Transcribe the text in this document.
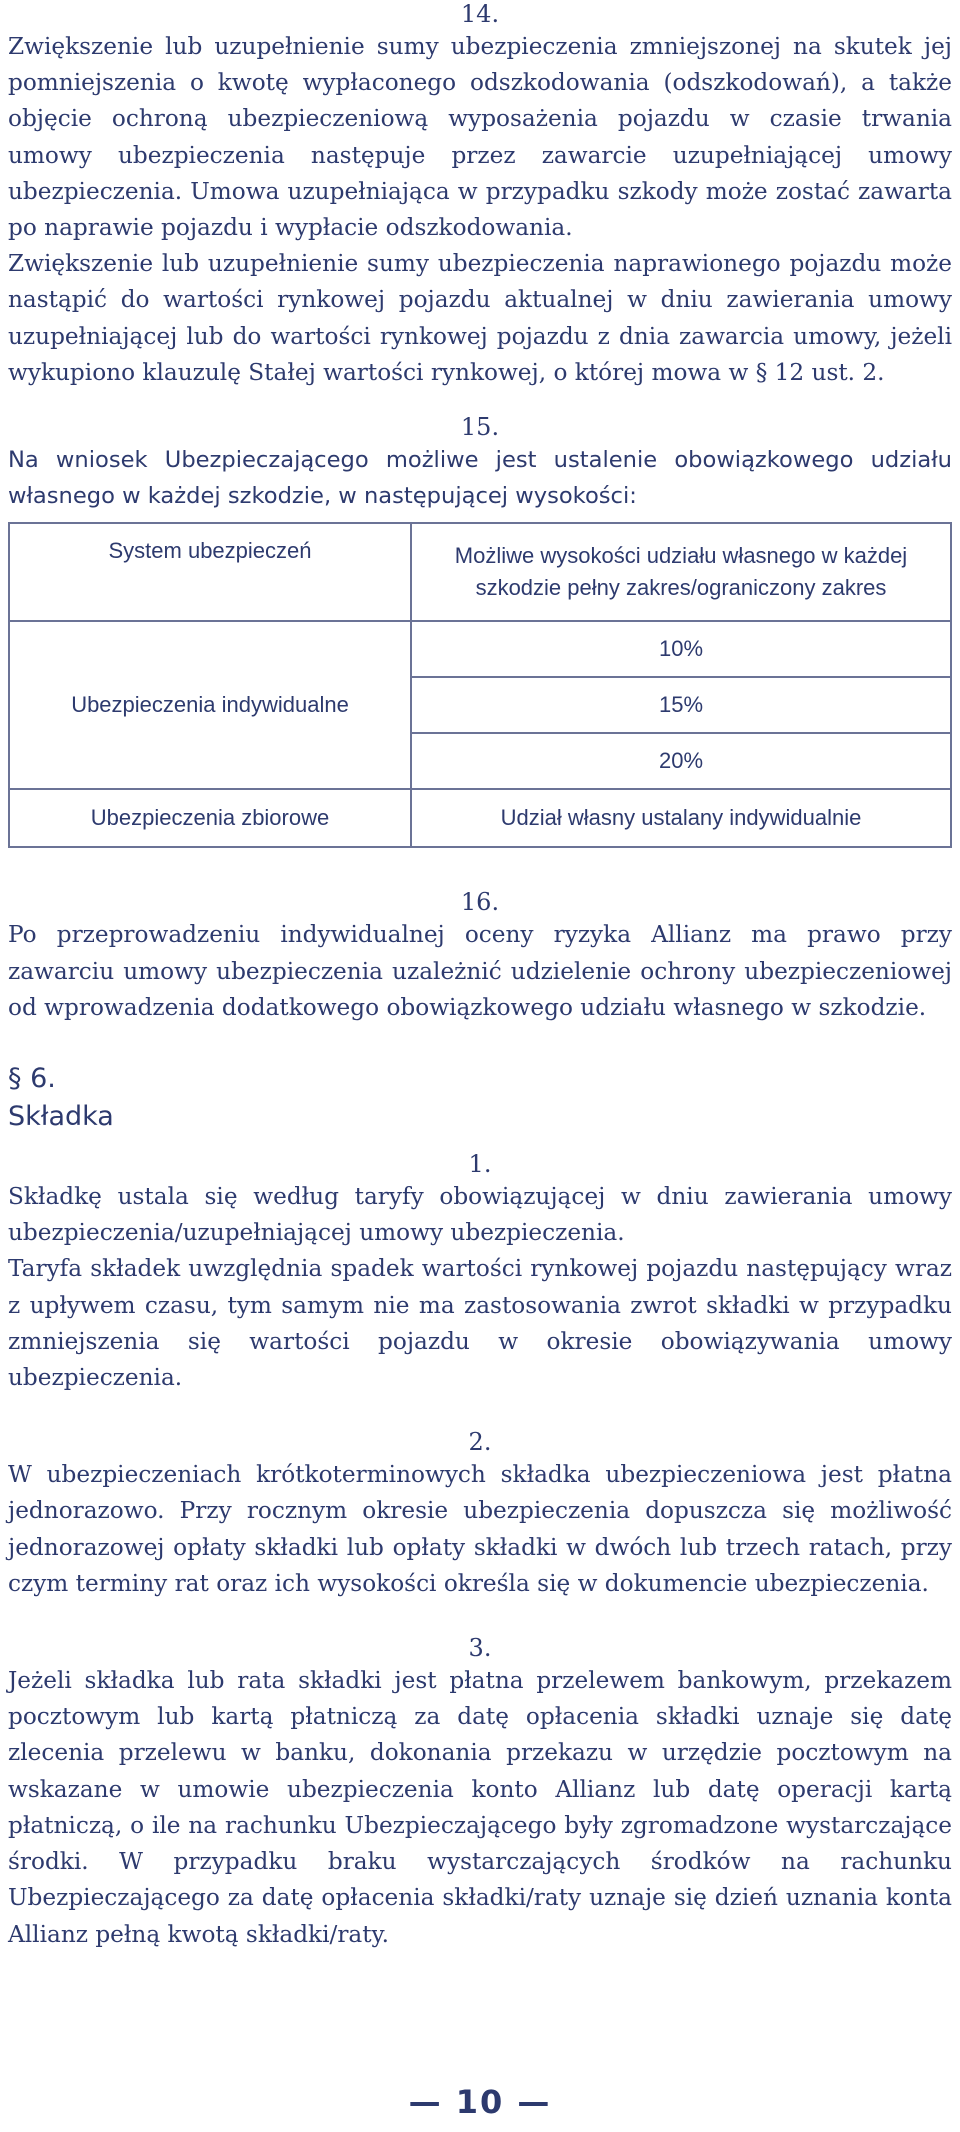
14.

Zwiększenie lub uzupełnienie sumy ubezpieczenia zmniejszonej na skutek jej pomniejszenia o kwotę wypłaconego odszkodowania (odszkodowań), a także objęcie ochroną ubezpieczeniową wyposażenia pojazdu w czasie trwania umowy ubezpieczenia następuje przez zawarcie uzupełniającej umowy ubezpieczenia. Umowa uzupełniająca w przypadku szkody może zostać zawarta po naprawie pojazdu i wypłacie odszkodowania.

Zwiększenie lub uzupełnienie sumy ubezpieczenia naprawionego pojazdu może nastąpić do wartości rynkowej pojazdu aktualnej w dniu zawierania umowy uzupełniającej lub do wartości rynkowej pojazdu z dnia zawarcia umowy, jeżeli wykupiono klauzulę Stałej wartości rynkowej, o której mowa w § 12 ust. 2.

15.

Na wniosek Ubezpieczającego możliwe jest ustalenie obowiązkowego udziału własnego w każdej szkodzie, w następującej wysokości:

System ubezpieczeń	Możliwe wysokości udziału własnego w każdej szkodzie pełny zakres/ograniczony zakres
Ubezpieczenia indywidualne	10%
	15%
	20%
Ubezpieczenia zbiorowe	Udział własny ustalany indywidualnie
16.

Po przeprowadzeniu indywidualnej oceny ryzyka Allianz ma prawo przy zawarciu umowy ubezpieczenia uzależnić udzielenie ochrony ubezpieczeniowej od wprowadzenia dodatkowego obowiązkowego udziału własnego w szkodzie.

§ 6.
Składka
1.

Składkę ustala się według taryfy obowiązującej w dniu zawierania umowy ubezpieczenia/uzupełniającej umowy ubezpieczenia.

Taryfa składek uwzględnia spadek wartości rynkowej pojazdu następujący wraz z upływem czasu, tym samym nie ma zastosowania zwrot składki w przypadku zmniejszenia się wartości pojazdu w okresie obowiązywania umowy ubezpieczenia.

2.

W ubezpieczeniach krótkoterminowych składka ubezpieczeniowa jest płatna jednorazowo. Przy rocznym okresie ubezpieczenia dopuszcza się możliwość jednorazowej opłaty składki lub opłaty składki w dwóch lub trzech ratach, przy czym terminy rat oraz ich wysokości określa się w dokumencie ubezpieczenia.

3.

Jeżeli składka lub rata składki jest płatna przelewem bankowym, przekazem pocztowym lub kartą płatniczą za datę opłacenia składki uznaje się datę zlecenia przelewu w banku, dokonania przekazu w urzędzie pocztowym na wskazane w umowie ubezpieczenia konto Allianz lub datę operacji kartą płatniczą, o ile na rachunku Ubezpieczającego były zgromadzone wystarczające środki. W przypadku braku wystarczających środków na rachunku Ubezpieczającego za datę opłacenia składki/raty uznaje się dzień uznania konta Allianz pełną kwotą składki/raty.

— 10 —
